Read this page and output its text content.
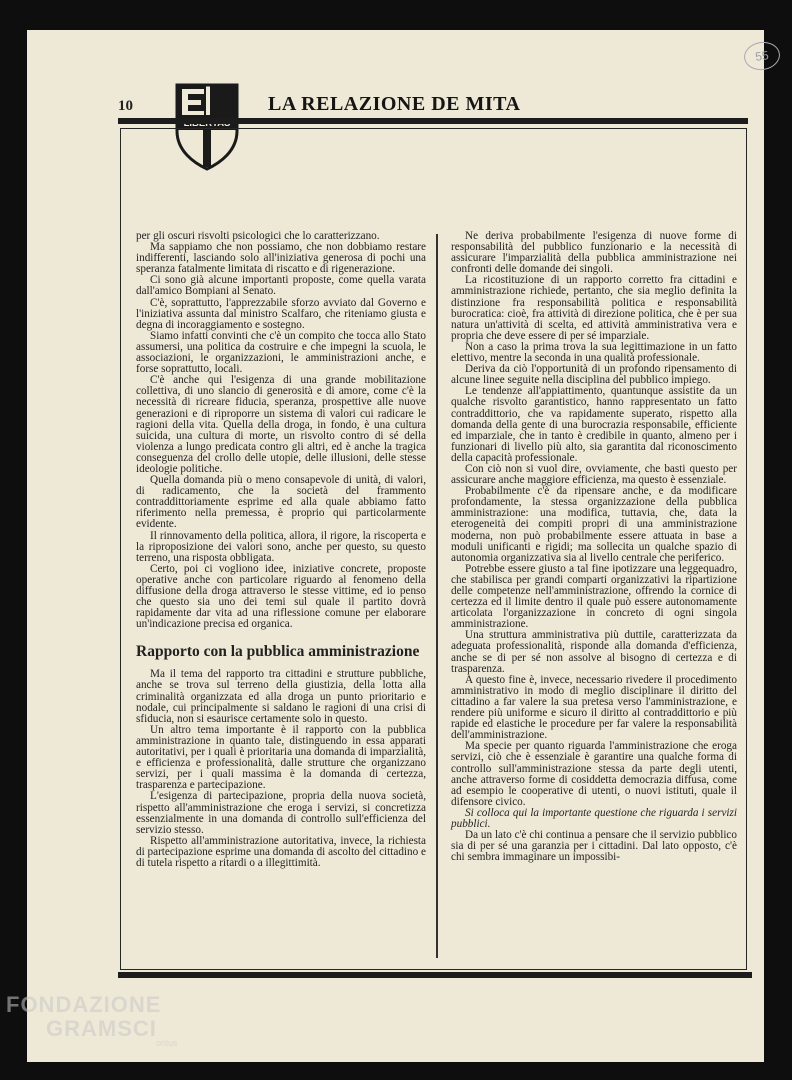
55
10	LA RELAZIONE DE MITA

per gli oscuri risvolti psicologici che lo caratterizzano.

Ma sappiamo che non possiamo, che non dobbiamo restare indifferenti, lasciando solo all'iniziativa generosa di pochi una speranza fatalmente limitata di riscatto e di rigenerazione.

Ci sono già alcune importanti proposte, come quella varata dall'amico Bompiani al Senato.

C'è, soprattutto, l'apprezzabile sforzo avviato dal Governo e l'iniziativa assunta dal ministro Scalfaro, che riteniamo giusta e degna di incoraggiamento e sostegno.

Siamo infatti convinti che c'è un compito che tocca allo Stato assumersi, una politica da costruire e che impegni la scuola, le associazioni, le organizzazioni, le amministrazioni anche, e forse soprattutto, locali.

C'è anche qui l'esigenza di una grande mobilitazione collettiva, di uno slancio di generosità e di amore, come c'è la necessità di ricreare fiducia, speranza, prospettive alle nuove generazioni e di riproporre un sistema di valori cui radicare le ragioni della vita. Quella della droga, in fondo, è una cultura suicida, una cultura di morte, un risvolto contro di sé della violenza a lungo predicata contro gli altri, ed è anche la tragica conseguenza del crollo delle utopie, delle illusioni, delle stesse ideologie politiche.

Quella domanda più o meno consapevole di unità, di valori, di radicamento, che la società del frammento contraddittoriamente esprime ed alla quale abbiamo fatto riferimento nella premessa, è proprio qui particolarmente evidente.

Il rinnovamento della politica, allora, il rigore, la riscoperta e la riproposizione dei valori sono, anche per questo, su questo terreno, una risposta obbligata.

Certo, poi ci vogliono idee, iniziative concrete, proposte operative anche con particolare riguardo al fenomeno della diffusione della droga attraverso le stesse vittime, ed io penso che questo sia uno dei temi sul quale il partito dovrà rapidamente dar vita ad una riflessione comune per elaborare un'indicazione precisa ed organica.

Rapporto con la pubblica amministrazione

Ma il tema del rapporto tra cittadini e strutture pubbliche, anche se trova sul terreno della giustizia, della lotta alla criminalità organizzata ed alla droga un punto prioritario e nodale, cui principalmente si saldano le ragioni di una crisi di sfiducia, non si esaurisce certamente solo in questo.

Un altro tema importante è il rapporto con la pubblica amministrazione in quanto tale, distinguendo in essa apparati autoritativi, per i quali è prioritaria una domanda di imparzialità, e efficienza e professionalità, dalle strutture che organizzano servizi, per i quali massima è la domanda di certezza, trasparenza e partecipazione.

L'esigenza di partecipazione, propria della nuova società, rispetto all'amministrazione che eroga i servizi, si concretizza essenzialmente in una domanda di controllo sull'efficienza del servizio stesso.

Rispetto all'amministrazione autoritativa, invece, la richiesta di partecipazione esprime una domanda di ascolto del cittadino e di tutela rispetto a ritardi o a illegittimità.

Ne deriva probabilmente l'esigenza di nuove forme di responsabilità del pubblico funzionario e la necessità di assicurare l'imparzialità della pubblica amministrazione nei confronti delle domande dei singoli.

La ricostituzione di un rapporto corretto fra cittadini e amministrazione richiede, pertanto, che sia meglio definita la distinzione fra responsabilità politica e responsabilità burocratica: cioè, fra attività di direzione politica, che è per sua natura un'attività di scelta, ed attività amministrativa vera e propria che deve essere di per sé imparziale.

Non a caso la prima trova la sua legittimazione in un fatto elettivo, mentre la seconda in una qualità professionale.

Deriva da ciò l'opportunità di un profondo ripensamento di alcune linee seguite nella disciplina del pubblico impiego.

Le tendenze all'appiattimento, quantunque assistite da un qualche risvolto garantistico, hanno rappresentato un fatto contraddittorio, che va rapidamente superato, rispetto alla domanda della gente di una burocrazia responsabile, efficiente ed imparziale, che in tanto è credibile in quanto, almeno per i funzionari di livello più alto, sia garantita dal riconoscimento della capacità professionale.

Con ciò non si vuol dire, ovviamente, che basti questo per assicurare anche maggiore efficienza, ma questo è essenziale.

Probabilmente c'è da ripensare anche, e da modificare profondamente, la stessa organizzazione della pubblica amministrazione: una modifica, tuttavia, che, data la eterogeneità dei compiti propri di una amministrazione moderna, non può probabilmente essere attuata in base a moduli unificanti e rigidi; ma sollecita un qualche spazio di autonomia organizzativa sia al livello centrale che periferico.

Potrebbe essere giusto a tal fine ipotizzare una leggequadro, che stabilisca per grandi comparti organizzativi la ripartizione delle competenze nell'amministrazione, offrendo la cornice di certezza ed il limite dentro il quale può essere autonomamente articolata l'organizzazione in concreto di ogni singola amministrazione.

Una struttura amministrativa più duttile, caratterizzata da adeguata professionalità, risponde alla domanda d'efficienza, anche se di per sé non assolve al bisogno di certezza e di trasparenza.

A questo fine è, invece, necessario rivedere il procedimento amministrativo in modo di meglio disciplinare il diritto del cittadino a far valere la sua pretesa verso l'amministrazione, e rendere più uniforme e sicuro il diritto al contraddittorio e più rapide ed elastiche le procedure per far valere la responsabilità dell'amministrazione.

Ma specie per quanto riguarda l'amministrazione che eroga servizi, ciò che è essenziale è garantire una qualche forma di controllo sull'amministrazione stessa da parte degli utenti, anche attraverso forme di cosiddetta democrazia diffusa, come ad esempio le cooperative di utenti, o nuovi istituti, quale il difensore civico.

Si colloca qui la importante questione che riguarda i servizi pubblici.

Da un lato c'è chi continua a pensare che il servizio pubblico sia di per sé una garanzia per i cittadini. Dal lato opposto, c'è chi sembra immaginare un impossibi-

FONDAZIONE
GRAMSCI
onlus
